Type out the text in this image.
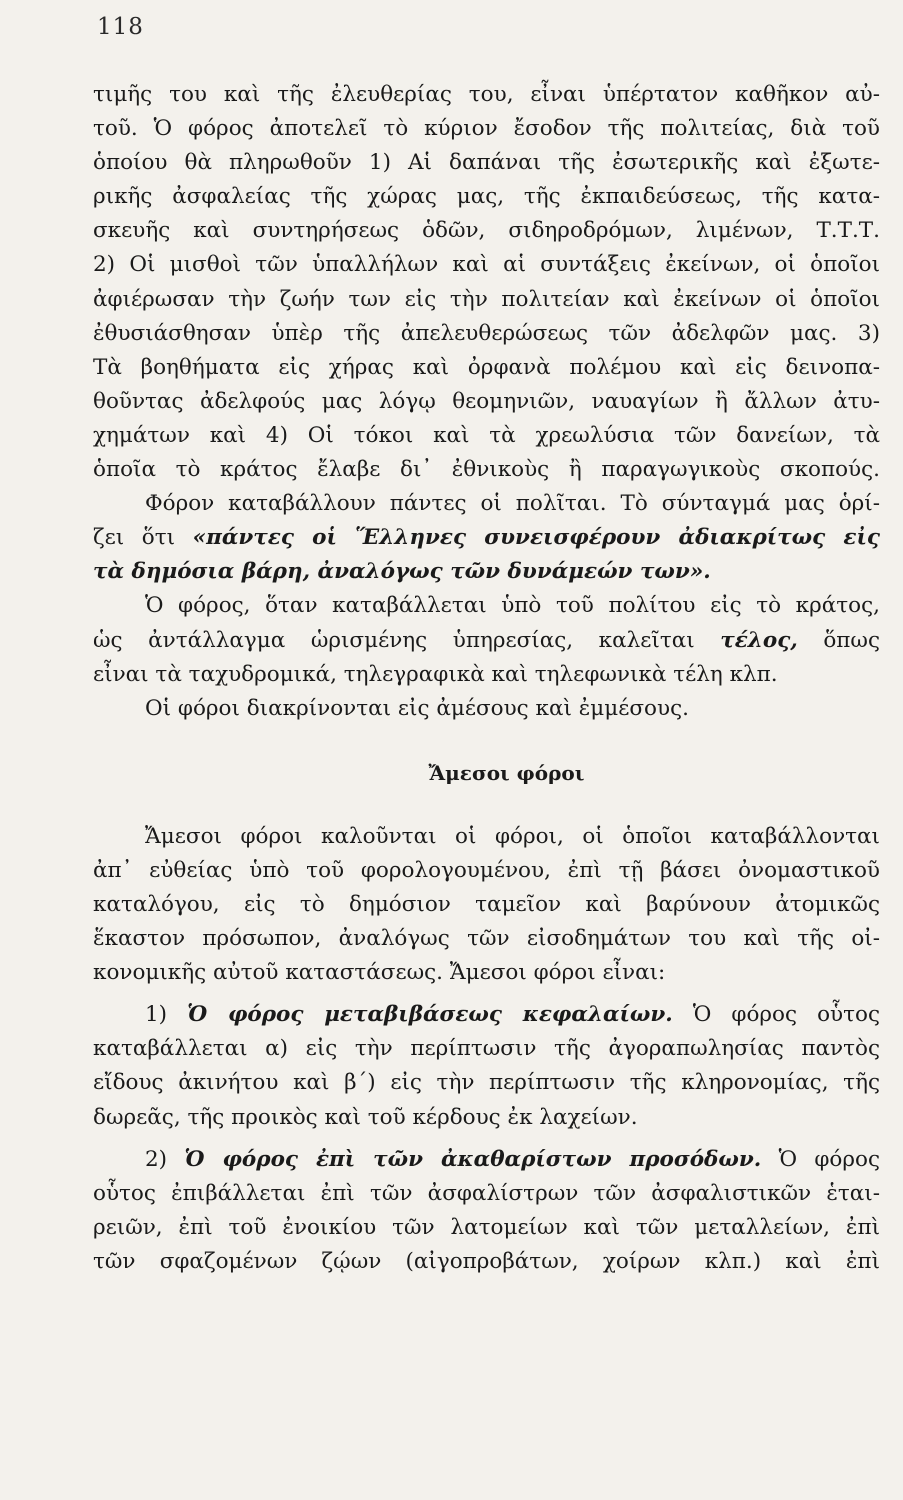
118
τιμῆς του καὶ τῆς ἐλευθερίας του, εἶναι ὑπέρτατον καθῆκον αὐ-
τοῦ. Ὁ φόρος ἀποτελεῖ τὸ κύριον ἔσοδον τῆς πολιτείας, διὰ τοῦ
ὁποίου θὰ πληρωθοῦν 1) Αἱ δαπάναι τῆς ἐσωτερικῆς καὶ ἐξωτε-
ρικῆς ἀσφαλείας τῆς χώρας μας, τῆς ἐκπαιδεύσεως, τῆς κατα-
σκευῆς καὶ συντηρήσεως ὁδῶν, σιδηροδρόμων, λιμένων, Τ.Τ.Τ.
2) Οἱ μισθοὶ τῶν ὑπαλλήλων καὶ αἱ συντάξεις ἐκείνων, οἱ ὁποῖοι
ἀφιέρωσαν τὴν ζωήν των εἰς τὴν πολιτείαν καὶ ἐκείνων οἱ ὁποῖοι
ἐθυσιάσθησαν ὑπὲρ τῆς ἀπελευθερώσεως τῶν ἀδελφῶν μας. 3)
Τὰ βοηθήματα εἰς χήρας καὶ ὀρφανὰ πολέμου καὶ εἰς δεινοπα-
θοῦντας ἀδελφούς μας λόγῳ θεομηνιῶν, ναυαγίων ἢ ἄλλων ἀτυ-
χημάτων καὶ 4) Οἱ τόκοι καὶ τὰ χρεωλύσια τῶν δανείων, τὰ
ὁποῖα τὸ κράτος ἔλαβε δι᾽ ἐθνικοὺς ἢ παραγωγικοὺς σκοπούς.
Φόρον καταβάλλουν πάντες οἱ πολῖται. Τὸ σύνταγμά μας ὁρί-
ζει ὅτι «πάντες οἱ Ἕλληνες συνεισφέρουν ἀδιακρίτως εἰς
τὰ δημόσια βάρη, ἀναλόγως τῶν δυνάμεών των».
Ὁ φόρος, ὅταν καταβάλλεται ὑπὸ τοῦ πολίτου εἰς τὸ κράτος,
ὡς ἀντάλλαγμα ὡρισμένης ὑπηρεσίας, καλεῖται τέλος, ὅπως
εἶναι τὰ ταχυδρομικά, τηλεγραφικὰ καὶ τηλεφωνικὰ τέλη κλπ.
Οἱ φόροι διακρίνονται εἰς ἀμέσους καὶ ἐμμέσους.
Ἄμεσοι φόροι
Ἄμεσοι φόροι καλοῦνται οἱ φόροι, οἱ ὁποῖοι καταβάλλονται
ἀπ᾽ εὐθείας ὑπὸ τοῦ φορολογουμένου, ἐπὶ τῇ βάσει ὀνομαστικοῦ
καταλόγου, εἰς τὸ δημόσιον ταμεῖον καὶ βαρύνουν ἀτομικῶς
ἕκαστον πρόσωπον, ἀναλόγως τῶν εἰσοδημάτων του καὶ τῆς οἰ-
κονομικῆς αὐτοῦ καταστάσεως. Ἄμεσοι φόροι εἶναι:
1) Ὁ φόρος μεταβιβάσεως κεφαλαίων. Ὁ φόρος οὗτος
καταβάλλεται α) εἰς τὴν περίπτωσιν τῆς ἀγοραπωλησίας παντὸς
εἴδους ἀκινήτου καὶ β΄) εἰς τὴν περίπτωσιν τῆς κληρονομίας, τῆς
δωρεᾶς, τῆς προικὸς καὶ τοῦ κέρδους ἐκ λαχείων.
2) Ὁ φόρος ἐπὶ τῶν ἀκαθαρίστων προσόδων. Ὁ φόρος
οὗτος ἐπιβάλλεται ἐπὶ τῶν ἀσφαλίστρων τῶν ἀσφαλιστικῶν ἑται-
ρειῶν, ἐπὶ τοῦ ἐνοικίου τῶν λατομείων καὶ τῶν μεταλλείων, ἐπὶ
τῶν σφαζομένων ζῴων (αἰγοπροβάτων, χοίρων κλπ.) καὶ ἐπὶ
